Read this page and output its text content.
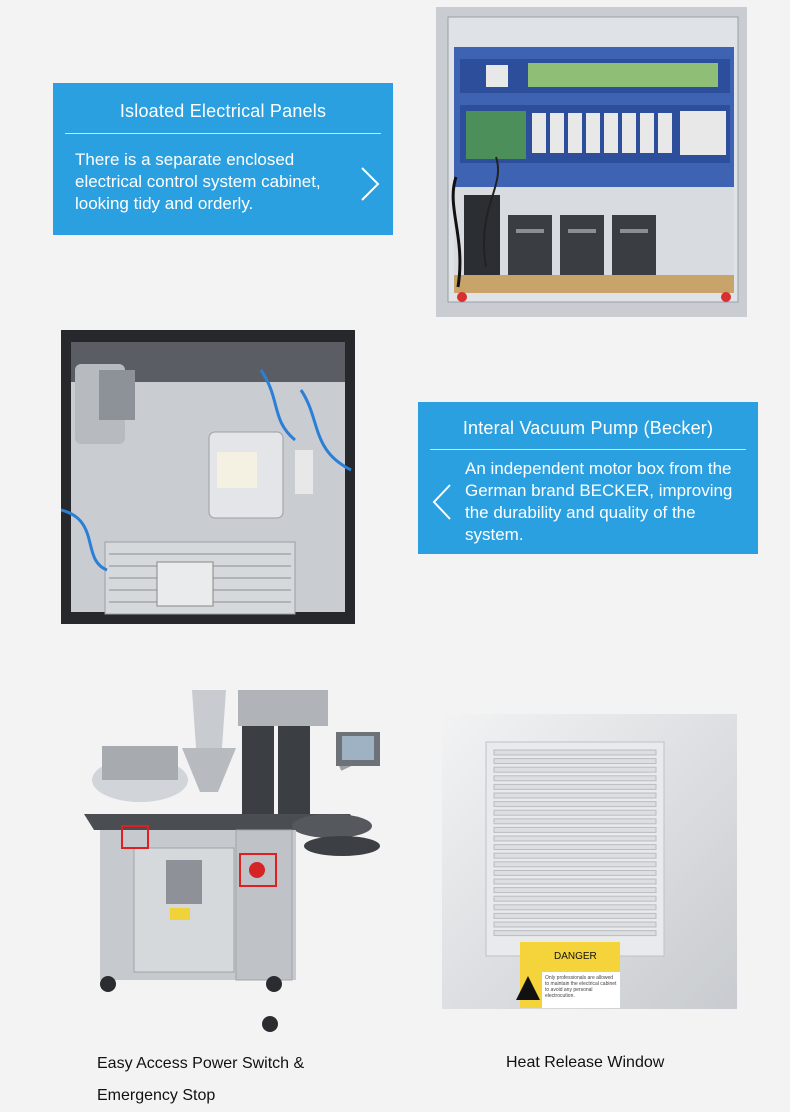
Isloated Electrical Panels
There is a separate enclosed electrical control system cabinet, looking tidy and orderly.
Interal Vacuum Pump (Becker)
An independent motor box from the German brand BECKER, improving the durability and quality of the system.
DANGER
Only professionals are allowed to maintain the electrical cabinet to avoid any personal electrocution.
Easy Access Power Switch & Emergency Stop
Heat Release Window
